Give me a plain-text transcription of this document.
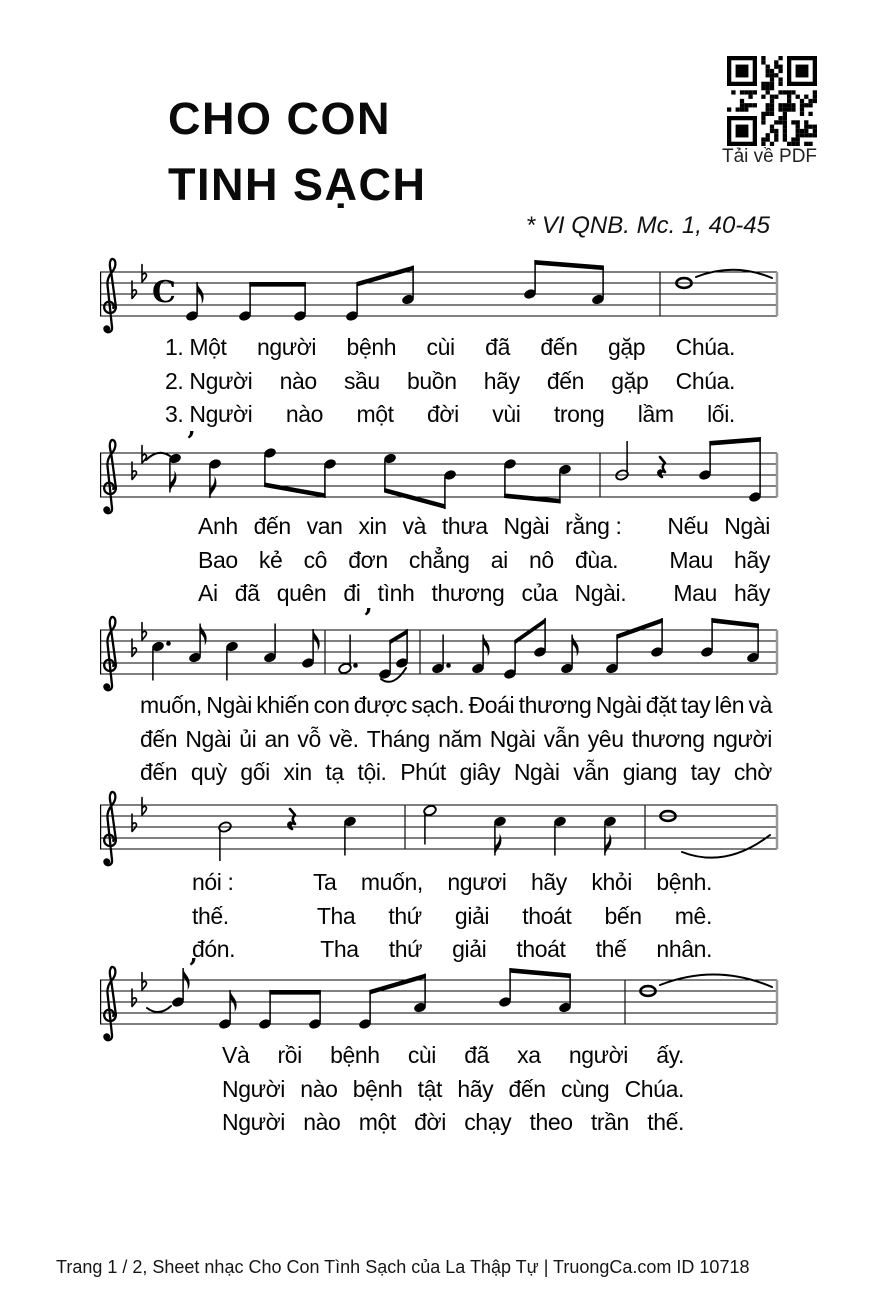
CHO CON
TINH SẠCH
Tải về PDF
* VI QNB. Mc. 1, 40-45
C
’
’
’
1. Một người bệnh cùi đã đến gặp Chúa.
2. Người nào sầu buồn hãy đến gặp Chúa.
3. Người nào một đời vùi trong lầm lối.
Anh đến van xin và thưa Ngài rằng : Nếu Ngài
Bao kẻ cô đơn chẳng ai nô đùa. Mau hãy
Ai đã quên đi tình thương của Ngài. Mau hãy
muốn, Ngài khiến con được sạch. Đoái thương Ngài đặt tay lên và
đến Ngài ủi an vỗ về. Tháng năm Ngài vẫn yêu thương người
đến quỳ gối xin tạ tội. Phút giây Ngài vẫn giang tay chờ
nói :	Ta muốn, ngươi hãy khỏi bệnh.
thế.	Tha thứ giải thoát bến mê.
đón.	Tha thứ giải thoát thế nhân.
Và rồi bệnh cùi đã xa người ấy.
Người nào bệnh tật hãy đến cùng Chúa.
Người nào một đời chạy theo trần thế.
Trang 1 / 2, Sheet nhạc Cho Con Tình Sạch của La Thập Tự | TruongCa.com ID 10718
